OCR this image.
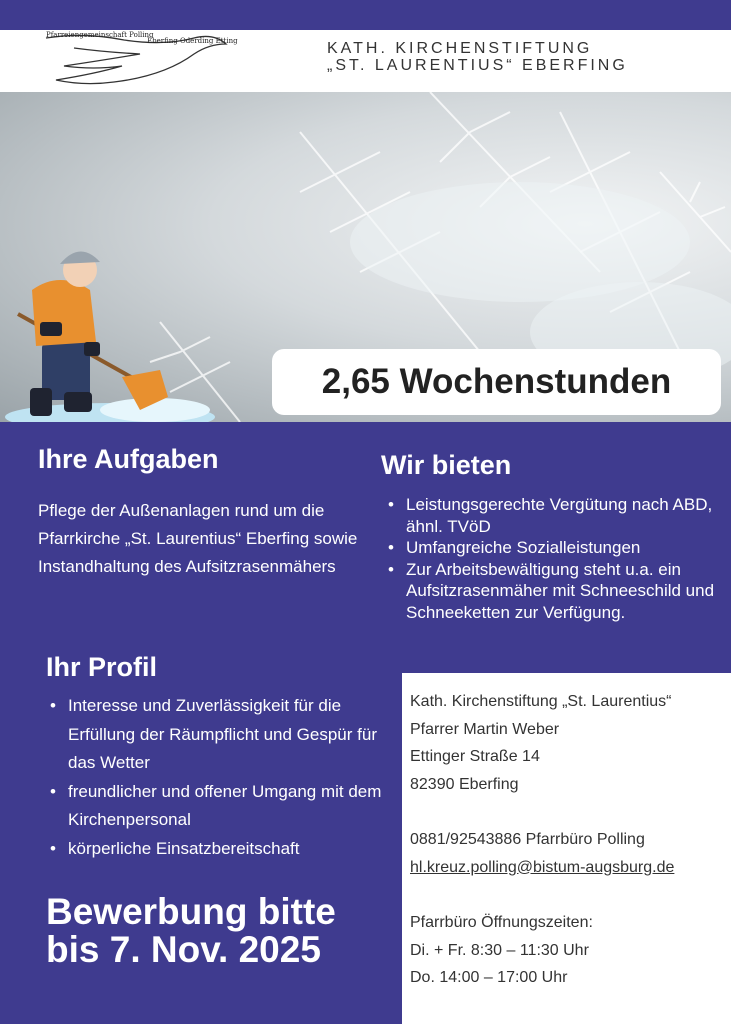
Pfarreiengemeinschaft Polling
Eberfing Oderding Etting	KATH. KIRCHENSTIFTUNG
„ST. LAURENTIUS“ EBERFING
2,65 Wochenstunden
Ihre Aufgaben
Pflege der Außenanlagen rund um die Pfarrkirche „St. Laurentius“ Eberfing sowie Instandhaltung des Aufsitzrasenmähers
Wir bieten
• Leistungsgerechte Vergütung nach ABD, ähnl. TVöD
• Umfangreiche Sozialleistungen
• Zur Arbeitsbewältigung steht u.a. ein Aufsitzrasenmäher mit Schneeschild und Schneeketten zur Verfügung.
Ihr Profil
• Interesse und Zuverlässigkeit für die Erfüllung der Räumpflicht und Gespür für das Wetter
• freundlicher und offener Umgang mit dem Kirchenpersonal
• körperliche Einsatzbereitschaft
Bewerbung bitte
bis 7. Nov. 2025
Kath. Kirchenstiftung „St. Laurentius“
Pfarrer Martin Weber
Ettinger Straße 14
82390 Eberfing
0881/92543886 Pfarrbüro Polling
hl.kreuz.polling@bistum-augsburg.de
Pfarrbüro Öffnungszeiten:
Di. + Fr. 8:30 – 11:30 Uhr
Do. 14:00 – 17:00 Uhr
